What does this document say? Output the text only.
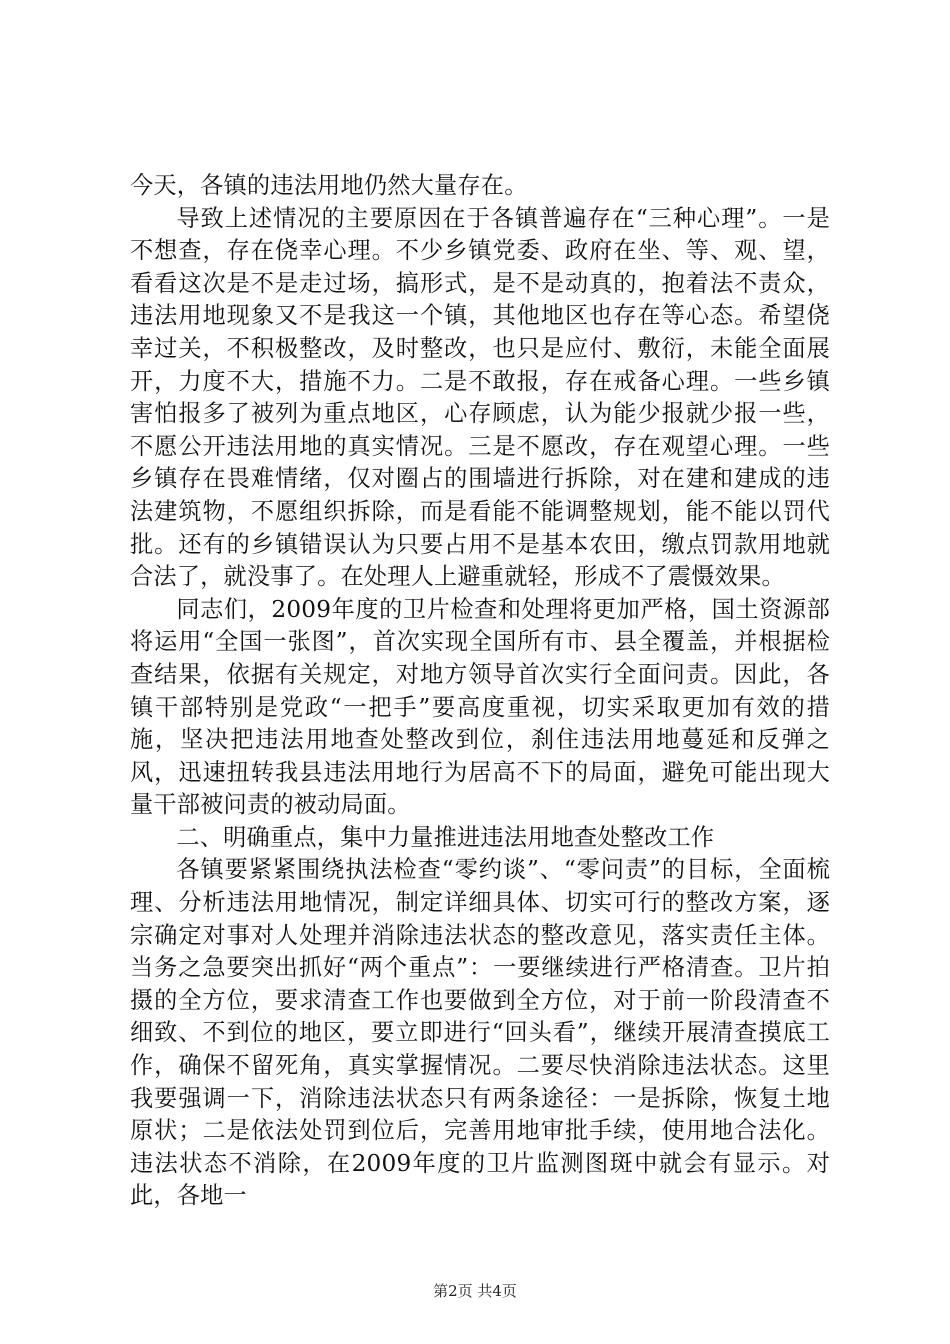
今天，各镇的违法用地仍然大量存在。

导致上述情况的主要原因在于各镇普遍存在“三种心理”。一是不想查，存在侥幸心理。不少乡镇党委、政府在坐、等、观、望，看看这次是不是走过场，搞形式，是不是动真的，抱着法不责众，违法用地现象又不是我这一个镇，其他地区也存在等心态。希望侥幸过关，不积极整改，及时整改，也只是应付、敷衍，未能全面展开，力度不大，措施不力。二是不敢报，存在戒备心理。一些乡镇害怕报多了被列为重点地区，心存顾虑，认为能少报就少报一些，不愿公开违法用地的真实情况。三是不愿改，存在观望心理。一些乡镇存在畏难情绪，仅对圈占的围墙进行拆除，对在建和建成的违法建筑物，不愿组织拆除，而是看能不能调整规划，能不能以罚代批。还有的乡镇错误认为只要占用不是基本农田，缴点罚款用地就合法了，就没事了。在处理人上避重就轻，形成不了震慑效果。

同志们，2009年度的卫片检查和处理将更加严格，国土资源部将运用“全国一张图”，首次实现全国所有市、县全覆盖，并根据检查结果，依据有关规定，对地方领导首次实行全面问责。因此，各镇干部特别是党政“一把手”要高度重视，切实采取更加有效的措施，坚决把违法用地查处整改到位，刹住违法用地蔓延和反弹之风，迅速扭转我县违法用地行为居高不下的局面，避免可能出现大量干部被问责的被动局面。

二、明确重点，集中力量推进违法用地查处整改工作

各镇要紧紧围绕执法检查“零约谈”、“零问责”的目标，全面梳理、分析违法用地情况，制定详细具体、切实可行的整改方案，逐宗确定对事对人处理并消除违法状态的整改意见，落实责任主体。当务之急要突出抓好“两个重点”：一要继续进行严格清查。卫片拍摄的全方位，要求清查工作也要做到全方位，对于前一阶段清查不细致、不到位的地区，要立即进行“回头看”，继续开展清查摸底工作，确保不留死角，真实掌握情况。二要尽快消除违法状态。这里我要强调一下，消除违法状态只有两条途径：一是拆除，恢复土地原状；二是依法处罚到位后，完善用地审批手续，使用地合法化。违法状态不消除，在2009年度的卫片监测图斑中就会有显示。对此，各地一

第2页 共4页
